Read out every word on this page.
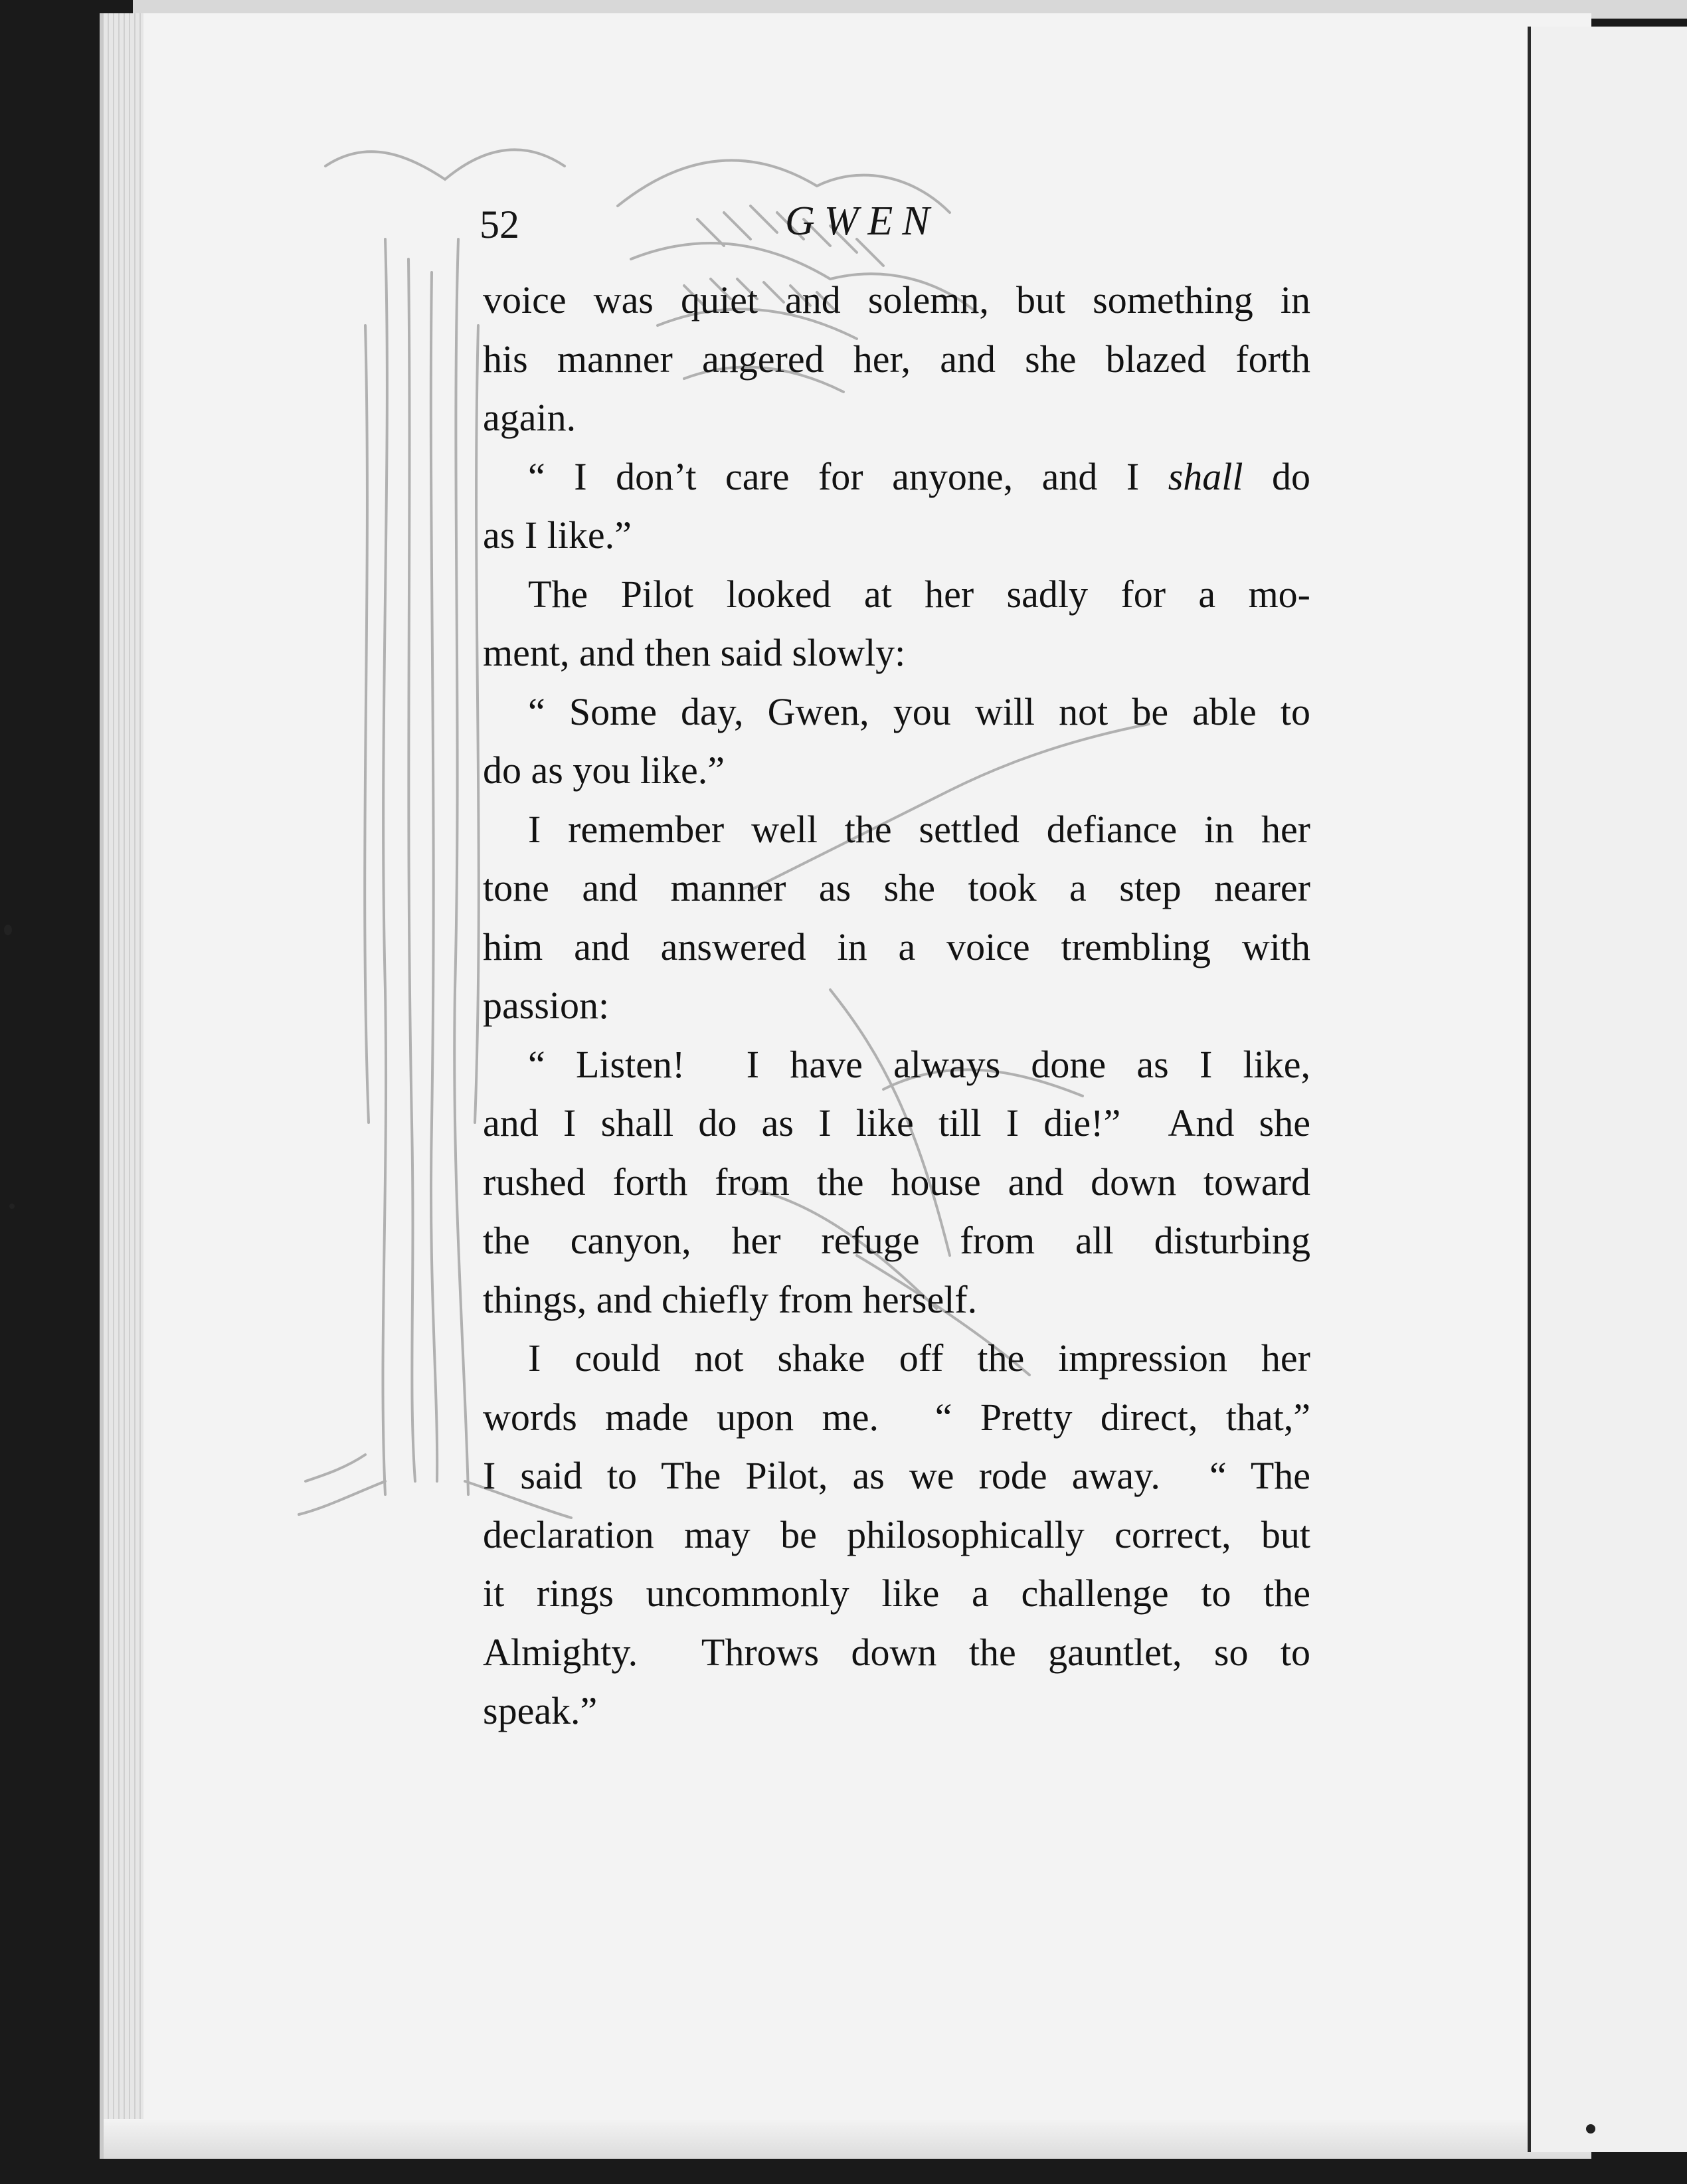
52	GWEN
voice was quiet and solemn, but something in
his manner angered her, and she blazed forth
again.
“ I don’t care for anyone, and I shall do
as I like.”
The Pilot looked at her sadly for a mo-
ment, and then said slowly:
“ Some day, Gwen, you will not be able to
do as you like.”
I remember well the settled defiance in her
tone and manner as she took a step nearer
him and answered in a voice trembling with
passion:
“ Listen!  I have always done as I like,
and I shall do as I like till I die!”  And she
rushed forth from the house and down toward
the canyon, her refuge from all disturbing
things, and chiefly from herself.
I could not shake off the impression her
words made upon me.  “ Pretty direct, that,”
I said to The Pilot, as we rode away.  “ The
declaration may be philosophically correct, but
it rings uncommonly like a challenge to the
Almighty.  Throws down the gauntlet, so to
speak.”
